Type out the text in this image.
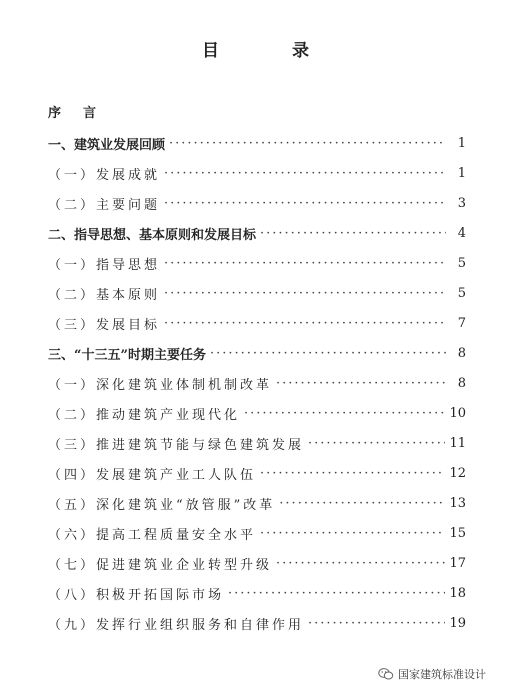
目　录
序言
一、建筑业发展回顾 ·····	1
（一）发展成就 ·····	1
（二）主要问题 ·····	3
二、指导思想、基本原则和发展目标 ·····	4
（一）指导思想 ·····	5
（二）基本原则 ·····	5
（三）发展目标 ·····	7
三、“十三五”时期主要任务 ·····	8
（一）深化建筑业体制机制改革 ·····	8
（二）推动建筑产业现代化 ·····	10
（三）推进建筑节能与绿色建筑发展 ·····	11
（四）发展建筑产业工人队伍 ·····	12
（五）深化建筑业“放管服”改革 ·····	13
（六）提高工程质量安全水平 ·····	15
（七）促进建筑业企业转型升级 ·····	17
（八）积极开拓国际市场 ·····	18
（九）发挥行业组织服务和自律作用 ·····	19
国家建筑标准设计
